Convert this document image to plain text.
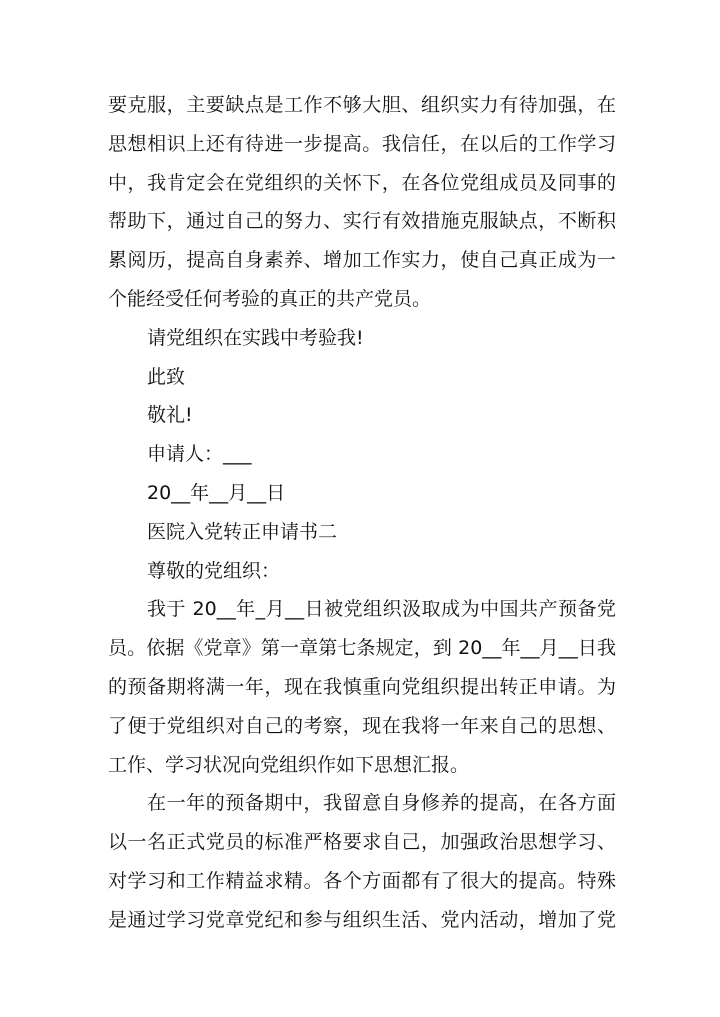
要克服，主要缺点是工作不够大胆、组织实力有待加强，在
思想相识上还有待进一步提高。我信任，在以后的工作学习
中，我肯定会在党组织的关怀下，在各位党组成员及同事的
帮助下，通过自己的努力、实行有效措施克服缺点，不断积
累阅历，提高自身素养、增加工作实力，使自己真正成为一
个能经受任何考验的真正的共产党员。
请党组织在实践中考验我!
此致
敬礼!
申请人：___
20__年__月__日
医院入党转正申请书二
尊敬的党组织：
我于 20__年_月__日被党组织汲取成为中国共产预备党
员。依据《党章》第一章第七条规定，到 20__年__月__日我
的预备期将满一年，现在我慎重向党组织提出转正申请。为
了便于党组织对自己的考察，现在我将一年来自己的思想、
工作、学习状况向党组织作如下思想汇报。
在一年的预备期中，我留意自身修养的提高，在各方面
以一名正式党员的标准严格要求自己，加强政治思想学习、
对学习和工作精益求精。各个方面都有了很大的提高。特殊
是通过学习党章党纪和参与组织生活、党内活动，增加了党
